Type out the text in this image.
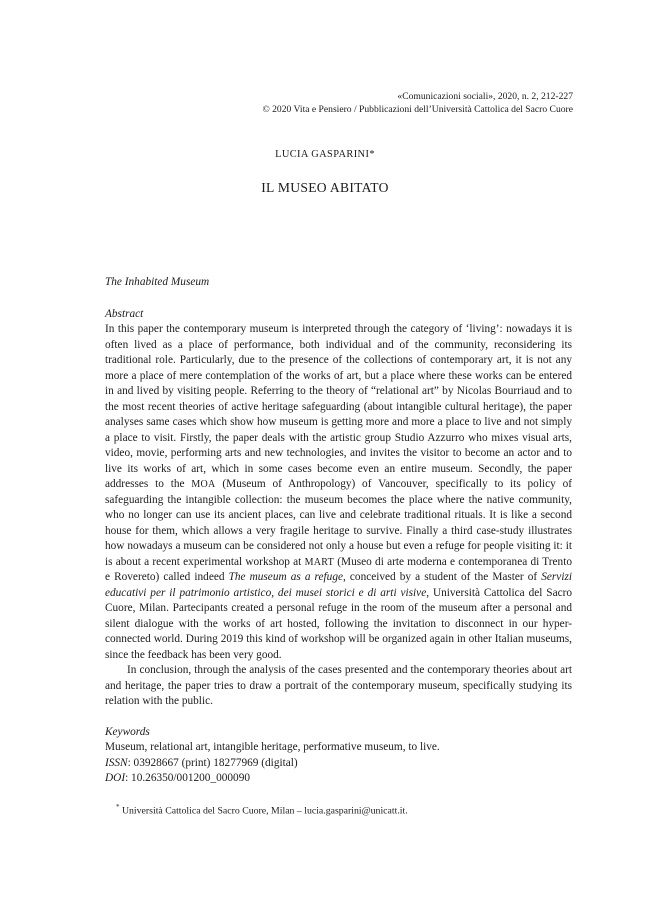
«Comunicazioni sociali», 2020, n. 2, 212-227
© 2020 Vita e Pensiero / Pubblicazioni dell’Università Cattolica del Sacro Cuore
LUCIA GASPARINI*
IL MUSEO ABITATO
The Inhabited Museum
Abstract

In this paper the contemporary museum is interpreted through the category of ‘living’: nowadays it is often lived as a place of performance, both individual and of the community, reconsidering its traditional role. Particularly, due to the presence of the collections of contemporary art, it is not any more a place of mere contemplation of the works of art, but a place where these works can be entered in and lived by visiting people. Referring to the theory of “relational art” by Nicolas Bourriaud and to the most recent theories of active heritage safeguarding (about intangible cultural heritage), the paper analyses same cases which show how museum is getting more and more a place to live and not simply a place to visit. Firstly, the paper deals with the artistic group Studio Azzurro who mixes visual arts, video, movie, performing arts and new technologies, and invites the visitor to become an actor and to live its works of art, which in some cases become even an entire museum. Secondly, the paper addresses to the MOA (Museum of Anthropology) of Vancouver, specifically to its policy of safeguarding the intangible collection: the museum becomes the place where the native community, who no longer can use its ancient places, can live and celebrate traditional rituals. It is like a second house for them, which allows a very fragile heritage to survive. Finally a third case-study illustrates how nowadays a museum can be considered not only a house but even a refuge for people visiting it: it is about a recent experimental workshop at MART (Museo di arte moderna e contemporanea di Trento e Rovereto) called indeed The museum as a refuge, conceived by a student of the Master of Servizi educativi per il patrimonio artistico, dei musei storici e di arti visive, Università Cattolica del Sacro Cuore, Milan. Partecipants created a personal refuge in the room of the museum after a personal and silent dialogue with the works of art hosted, following the invitation to disconnect in our hyper-connected world. During 2019 this kind of workshop will be organized again in other Italian museums, since the feedback has been very good.

In conclusion, through the analysis of the cases presented and the contemporary theories about art and heritage, the paper tries to draw a portrait of the contemporary museum, specifically studying its relation with the public.

Keywords
Museum, relational art, intangible heritage, performative museum, to live.
ISSN: 03928667 (print) 18277969 (digital)
DOI: 10.26350/001200_000090
* Università Cattolica del Sacro Cuore, Milan – lucia.gasparini@unicatt.it.
